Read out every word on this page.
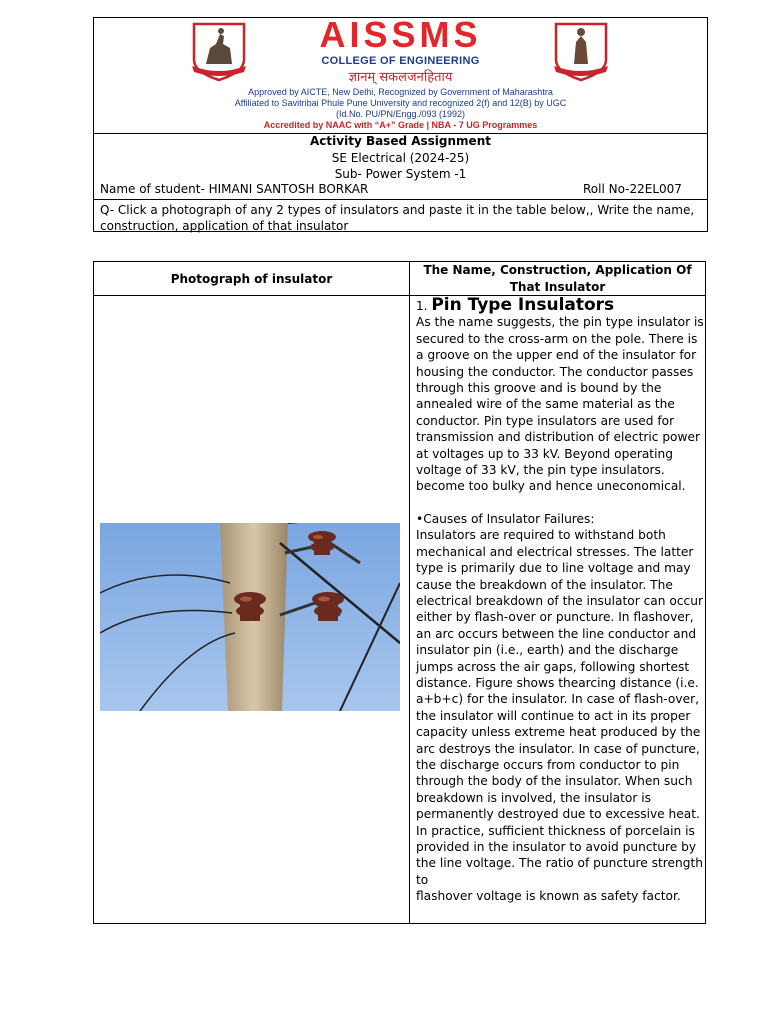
AISSMS
COLLEGE OF ENGINEERING
ज्ञानम् सकलजनहिताय
Approved by AICTE, New Delhi, Recognized by Government of Maharashtra
Affiliated to Savitribai Phule Pune University and recognized 2(f) and 12(B) by UGC
(Id.No. PU/PN/Engg./093 (1992)
Accredited by NAAC with “A+” Grade | NBA - 7 UG Programmes
Activity Based Assignment
SE Electrical (2024-25)
Sub- Power System -1
Name of student- HIMANI SANTOSH BORKAR	Roll No-22EL007
Q- Click a photograph of any 2 types of insulators and paste it in the table below,, Write the name, construction, application of that insulator
Photograph of insulator
The Name, Construction, Application Of That Insulator
1. Pin Type Insulators

As the name suggests, the pin type insulator is secured to the cross-arm on the pole. There is a groove on the upper end of the insulator for housing the conductor. The conductor passes through this groove and is bound by the annealed wire of the same material as the conductor. Pin type insulators are used for transmission and distribution of electric power at voltages up to 33 kV. Beyond operating voltage of 33 kV, the pin type insulators. become too bulky and hence uneconomical.

•Causes of Insulator Failures:

Insulators are required to withstand both mechanical and electrical stresses. The latter type is primarily due to line voltage and may cause the breakdown of the insulator. The electrical breakdown of the insulator can occur either by flash-over or puncture. In flashover, an arc occurs between the line conductor and insulator pin (i.e., earth) and the discharge jumps across the air gaps, following shortest distance. Figure shows thearcing distance (i.e. a+b+c) for the insulator. In case of flash-over, the insulator will continue to act in its proper capacity unless extreme heat produced by the arc destroys the insulator. In case of puncture, the discharge occurs from conductor to pin through the body of the insulator. When such breakdown is involved, the insulator is permanently destroyed due to excessive heat. In practice, sufficient thickness of porcelain is provided in the insulator to avoid puncture by the line voltage. The ratio of puncture strength to

flashover voltage is known as safety factor.
